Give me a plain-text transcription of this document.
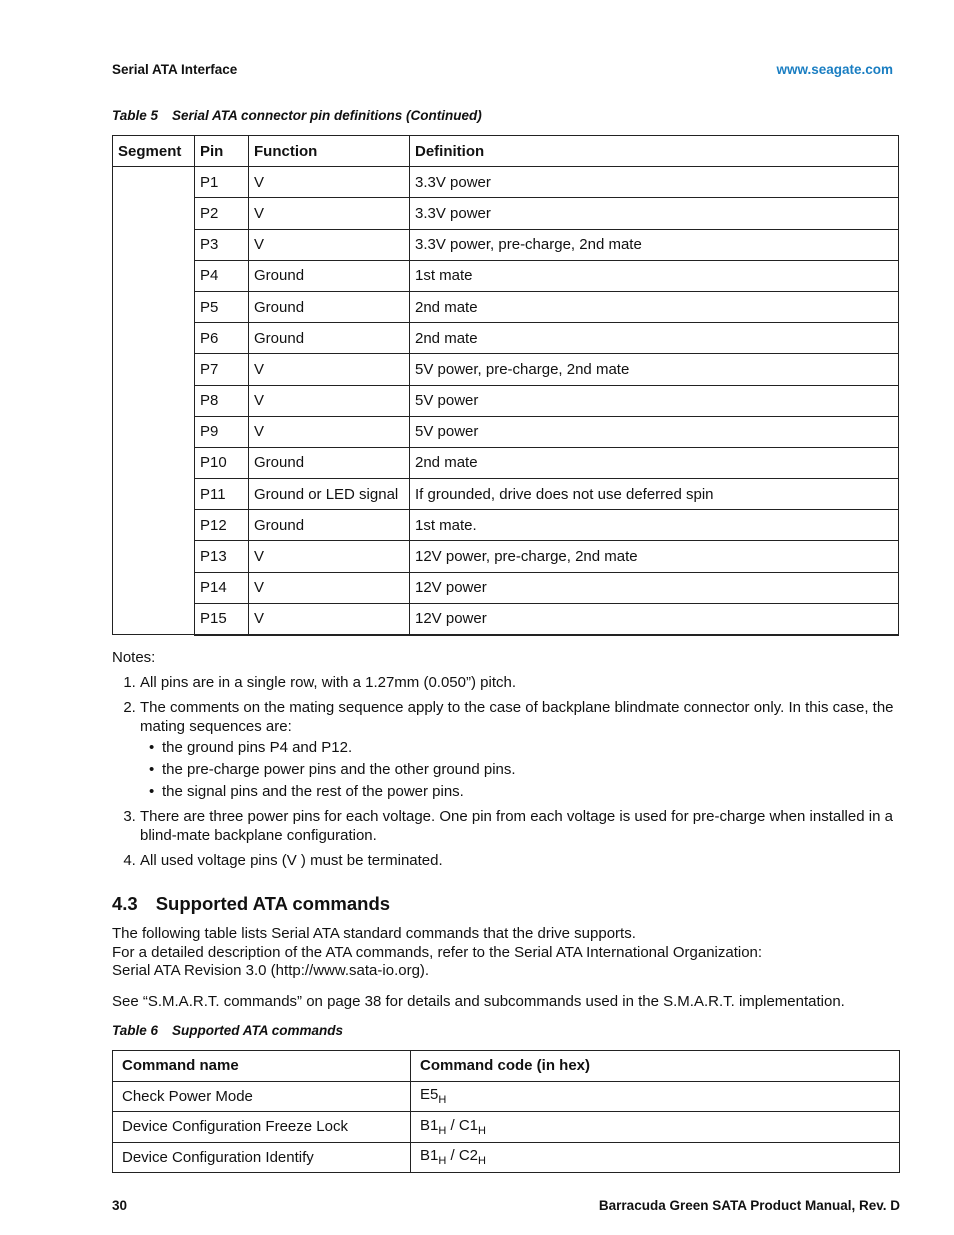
Serial ATA Interface	www.seagate.com
Table 5 Serial ATA connector pin definitions (Continued)
Segment	Pin	Function	Definition
	P1	V	3.3V power
	P2	V	3.3V power
	P3	V	3.3V power, pre-charge, 2nd mate
	P4	Ground	1st mate
	P5	Ground	2nd mate
	P6	Ground	2nd mate
	P7	V	5V power, pre-charge, 2nd mate
	P8	V	5V power
	P9	V	5V power
	P10	Ground	2nd mate
	P11	Ground or LED signal	If grounded, drive does not use deferred spin
	P12	Ground	1st mate.
	P13	V	12V power, pre-charge, 2nd mate
	P14	V	12V power
	P15	V	12V power
Notes:
1. All pins are in a single row, with a 1.27mm (0.050”) pitch.
2. The comments on the mating sequence apply to the case of backplane blindmate connector only. In this case, the mating sequences are:
• the ground pins P4 and P12.
• the pre-charge power pins and the other ground pins.
• the signal pins and the rest of the power pins.
3. There are three power pins for each voltage. One pin from each voltage is used for pre-charge when installed in a blind-mate backplane configuration.
4. All used voltage pins (V ) must be terminated.
4.3 Supported ATA commands
The following table lists Serial ATA standard commands that the drive supports.
For a detailed description of the ATA commands, refer to the Serial ATA International Organization:
Serial ATA Revision 3.0 (http://www.sata-io.org).
See “S.M.A.R.T. commands” on page 38 for details and subcommands used in the S.M.A.R.T. implementation.
Table 6 Supported ATA commands
Command name	Command code (in hex)
Check Power Mode	$E5_H$
Device Configuration Freeze Lock	$B1_H / C1_H$
Device Configuration Identify	$B1_H / C2_H$
30	Barracuda Green SATA Product Manual, Rev. D
